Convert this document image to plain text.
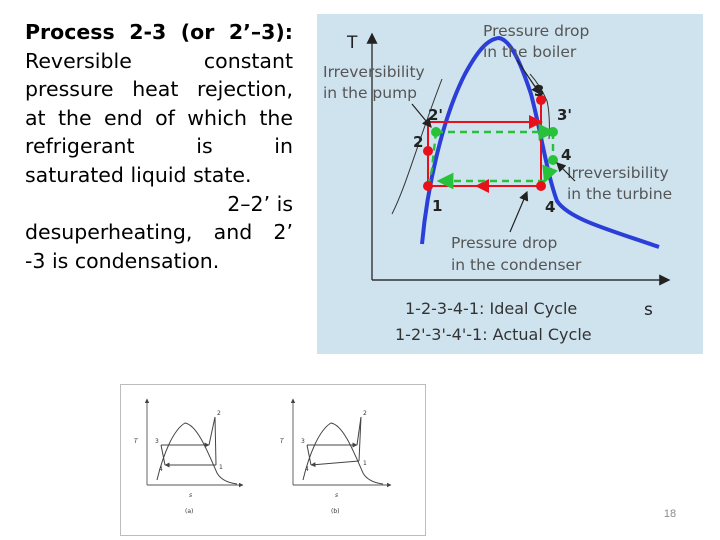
Process 2-3 (or 2’–3):
Reversible constant
pressure heat rejection,
at the end of which the
refrigerant is in
saturated liquid state.
2–2’ is
desuperheating, and 2’
-3 is condensation.
T
s
1
2
2'
3
3'
4
4
Pressure drop in the boiler
Irreversibility in the pump
Irreversibility in the turbine
Pressure drop in the condenser
1-2-3-4-1: Ideal Cycle
1-2'-3'-4'-1: Actual Cycle
T
s
(a)
1
2
3
4
T
s
(b)
1
2
3
4
18
